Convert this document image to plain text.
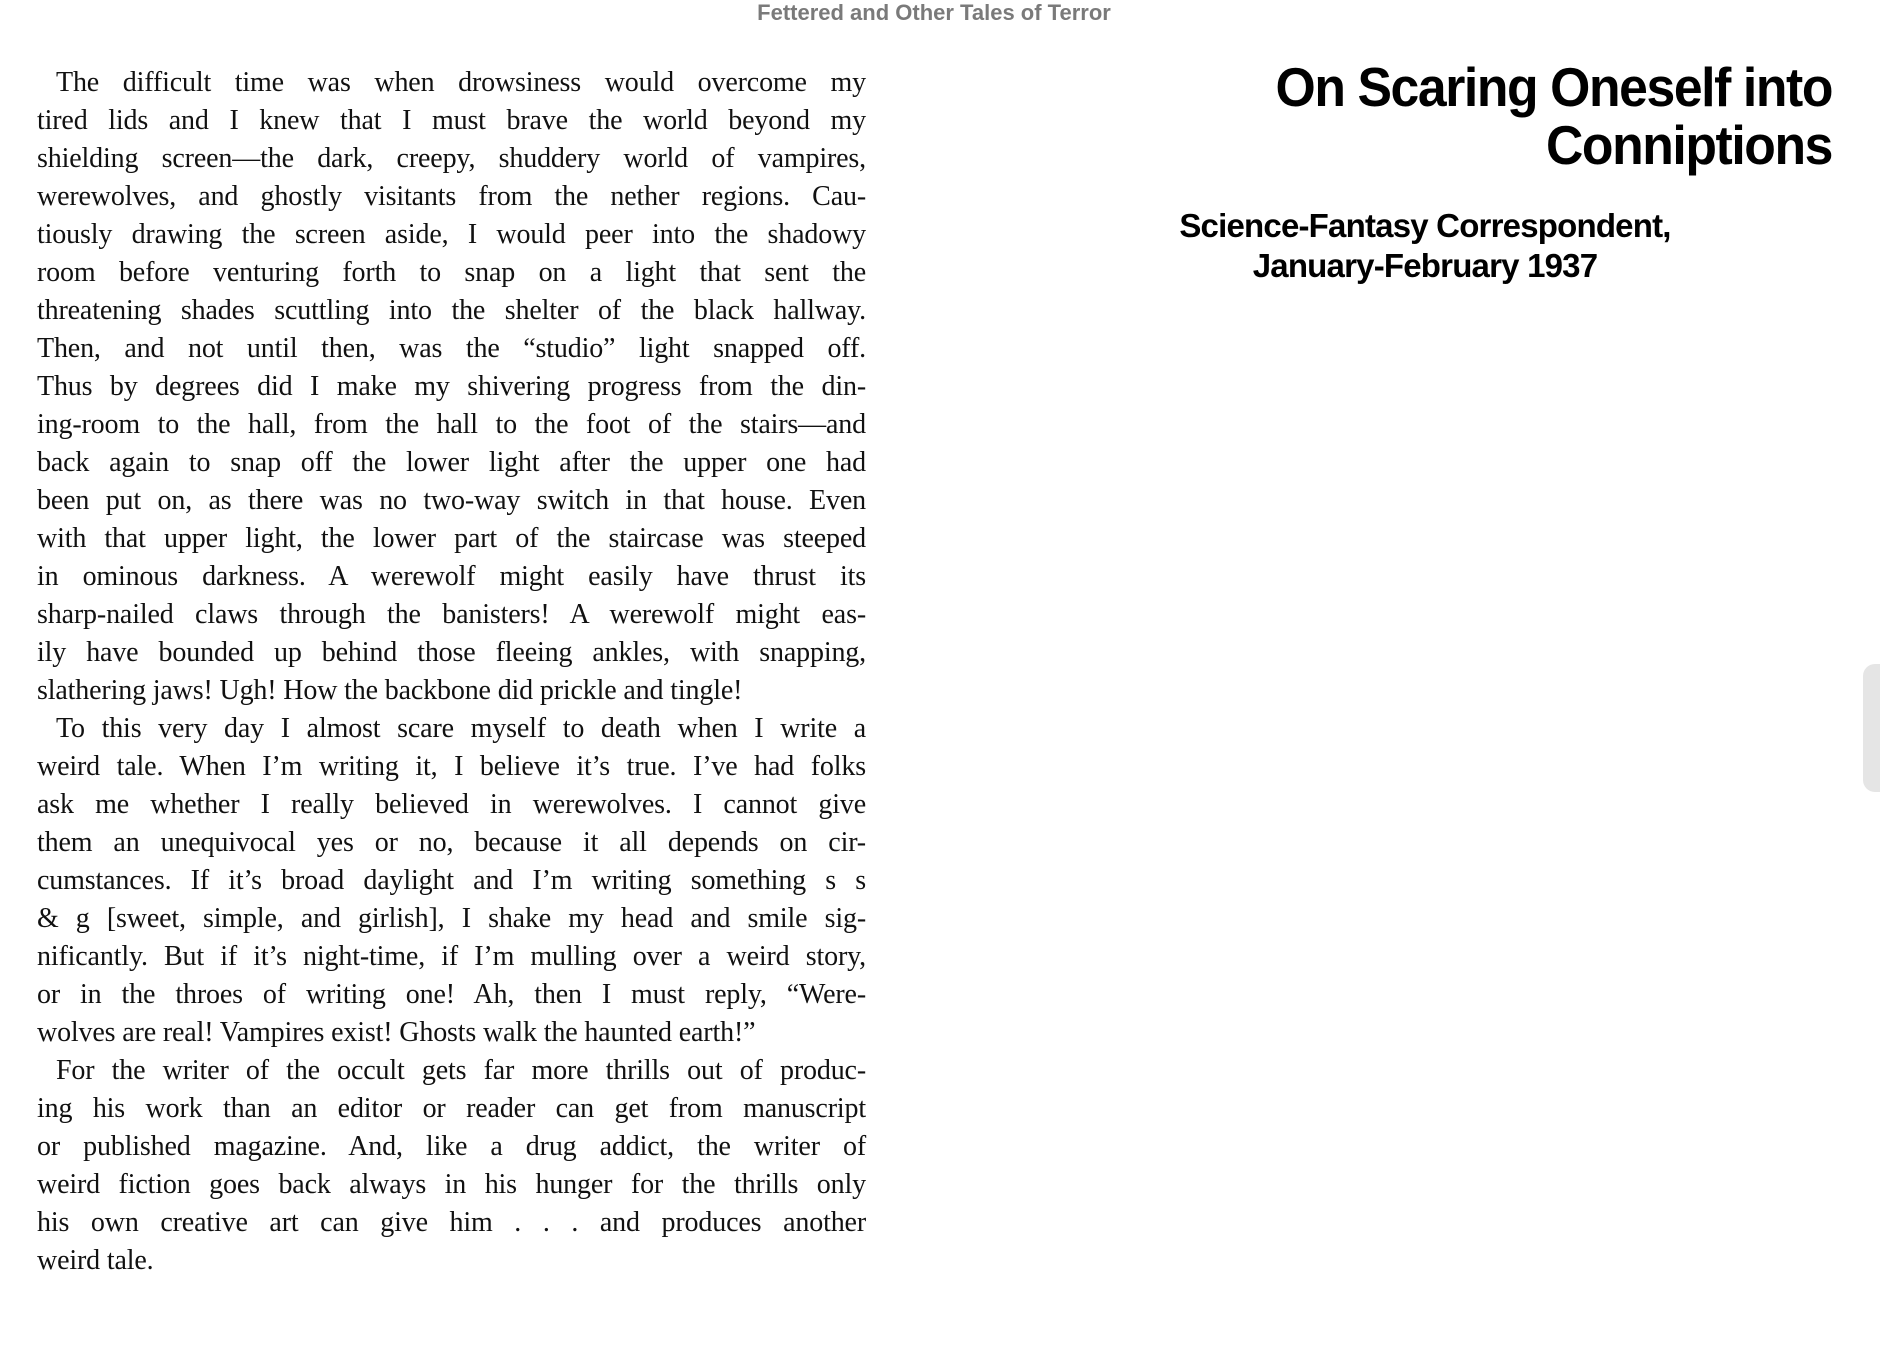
Fettered and Other Tales of Terror
The difficult time was when drowsiness would overcome my
tired lids and I knew that I must brave the world beyond my
shielding screen—the dark, creepy, shuddery world of vampires,
werewolves, and ghostly visitants from the nether regions. Cau-
tiously drawing the screen aside, I would peer into the shadowy
room before venturing forth to snap on a light that sent the
threatening shades scuttling into the shelter of the black hallway.
Then, and not until then, was the “studio” light snapped off.
Thus by degrees did I make my shivering progress from the din-
ing-room to the hall, from the hall to the foot of the stairs—and
back again to snap off the lower light after the upper one had
been put on, as there was no two-way switch in that house. Even
with that upper light, the lower part of the staircase was steeped
in ominous darkness. A werewolf might easily have thrust its
sharp-nailed claws through the banisters! A werewolf might eas-
ily have bounded up behind those fleeing ankles, with snapping,
slathering jaws! Ugh! How the backbone did prickle and tingle!
To this very day I almost scare myself to death when I write a
weird tale. When I’m writing it, I believe it’s true. I’ve had folks
ask me whether I really believed in werewolves. I cannot give
them an unequivocal yes or no, because it all depends on cir-
cumstances. If it’s broad daylight and I’m writing something s s
& g [sweet, simple, and girlish], I shake my head and smile sig-
nificantly. But if it’s night-time, if I’m mulling over a weird story,
or in the throes of writing one! Ah, then I must reply, “Were-
wolves are real! Vampires exist! Ghosts walk the haunted earth!”
For the writer of the occult gets far more thrills out of produc-
ing his work than an editor or reader can get from manuscript
or published magazine. And, like a drug addict, the writer of
weird fiction goes back always in his hunger for the thrills only
his own creative art can give him . . . and produces another
weird tale.
On Scaring Oneself into
Conniptions
Science-Fantasy Correspondent,
January-February 1937
